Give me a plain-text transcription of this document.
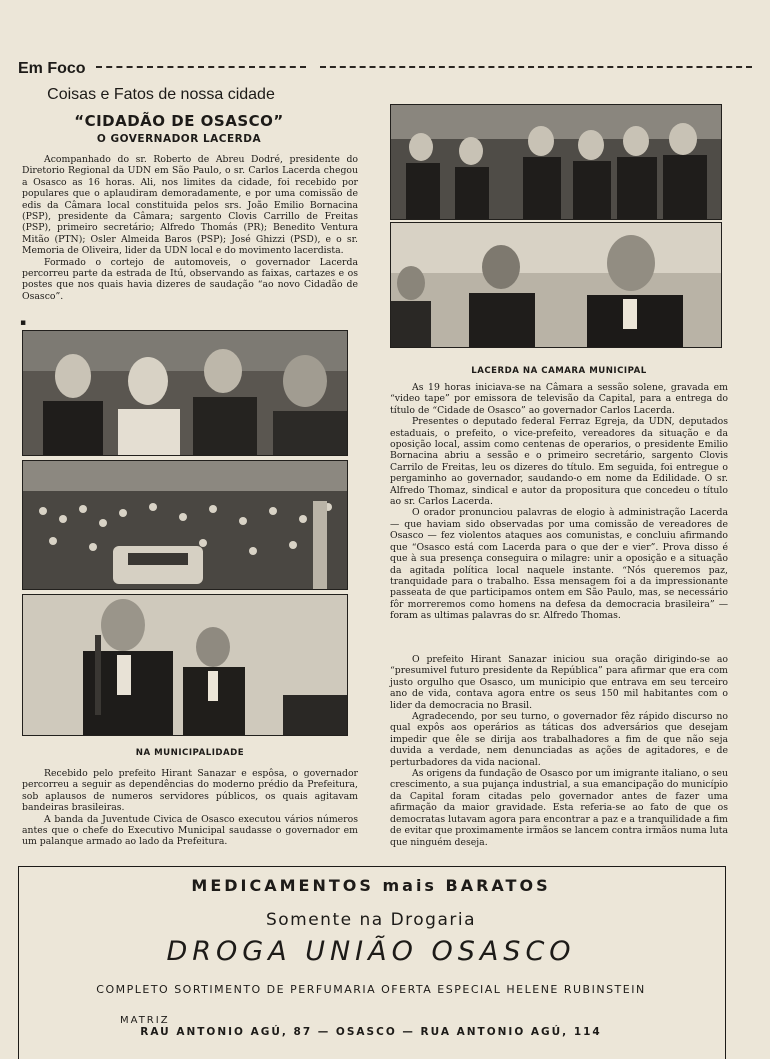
Em Foco
Coisas e Fatos de nossa cidade
“CIDADÃO DE OSASCO”
O GOVERNADOR LACERDA

Acompanhado do sr. Roberto de Abreu Dodré, presidente do Diretorio Regional da UDN em São Paulo, o sr. Carlos Lacerda chegou a Osasco as 16 horas. Ali, nos limites da cidade, foi recebido por populares que o aplaudiram demoradamente, e por uma comissão de edis da Câmara local constituida pelos srs. João Emilio Bornacina (PSP), presidente da Câmara; sargento Clovis Carrillo de Freitas (PSP), primeiro secretário; Alfredo Thomás (PR); Benedito Ventura Mitão (PTN); Osler Almeida Baros (PSP); José Ghizzi (PSD), e o sr. Memoria de Oliveira, lider da UDN local e do movimento lacerdista.

Formado o cortejo de automoveis, o governador Lacerda percorreu parte da estrada de Itú, observando as faixas, cartazes e os postes que nos quais havia dizeres de saudação “ao novo Cidadão de Osasco”.

▪
NA MUNICIPALIDADE

Recebido pelo prefeito Hirant Sanazar e espôsa, o governador percorreu a seguir as dependências do moderno prédio da Prefeitura, sob aplausos de numeros servidores públicos, os quais agitavam bandeiras brasileiras.

A banda da Juventude Civica de Osasco executou vários números antes que o chefe do Executivo Municipal saudasse o governador em um palanque armado ao lado da Prefeitura.

LACERDA NA CAMARA MUNICIPAL

As 19 horas iniciava-se na Câmara a sessão solene, gravada em “video tape” por emissora de televisão da Capital, para a entrega do título de “Cidade de Osasco” ao governador Carlos Lacerda.

Presentes o deputado federal Ferraz Egreja, da UDN, deputados estaduais, o prefeito, o vice-prefeito, vereadores da situação e da oposição local, assim como centenas de operarios, o presidente Emilio Bornacina abriu a sessão e o primeiro secretário, sargento Clovis Carrilo de Freitas, leu os dizeres do título. Em seguida, foi entregue o pergaminho ao governador, saudando-o em nome da Edilidade. O sr. Alfredo Thomaz, sindical e autor da propositura que concedeu o título ao sr. Carlos Lacerda.

O orador pronunciou palavras de elogio à administração Lacerda — que haviam sido observadas por uma comissão de vereadores de Osasco — fez violentos ataques aos comunistas, e concluiu afirmando que “Osasco está com Lacerda para o que der e vier”. Prova disso é que à sua presença conseguira o milagre: unir a oposição e a situação da agitada política local naquele instante. “Nós queremos paz, tranquidade para o trabalho. Essa mensagem foi a da impressionante passeata de que participamos ontem em São Paulo, mas, se necessário fôr morreremos como homens na defesa da democracia brasileira” — foram as ultimas palavras do sr. Alfredo Thomas.

O prefeito Hirant Sanazar iniciou sua oração dirigindo-se ao “presumivel futuro presidente da República” para afirmar que era com justo orgulho que Osasco, um municipio que entrava em seu terceiro ano de vida, contava agora entre os seus 150 mil habitantes com o lider da democracia no Brasil.

Agradecendo, por seu turno, o governador fêz rápido discurso no qual expôs aos operários as táticas dos adversários que desejam impedir que êle se dirija aos trabalhadores a fim de que não seja duvida a verdade, nem denunciadas as ações de agitadores, e de perturbadores da vida nacional.

As origens da fundação de Osasco por um imigrante italiano, o seu crescimento, a sua pujança industrial, a sua emancipação do município da Capital foram citadas pelo governador antes de fazer uma afirmação da maior gravidade. Esta referia-se ao fato de que os democratas lutavam agora para encontrar a paz e a tranquilidade a fim de evitar que proximamente irmãos se lancem contra irmãos numa luta que ninguém deseja.

MEDICAMENTOS mais BARATOS
Somente na Drogaria
DROGA UNIÃO OSASCO
COMPLETO SORTIMENTO DE PERFUMARIA OFERTA ESPECIAL HELENE RUBINSTEIN
MATRIZ
RAU ANTONIO AGÚ, 87 — OSASCO — RUA ANTONIO AGÚ, 114
